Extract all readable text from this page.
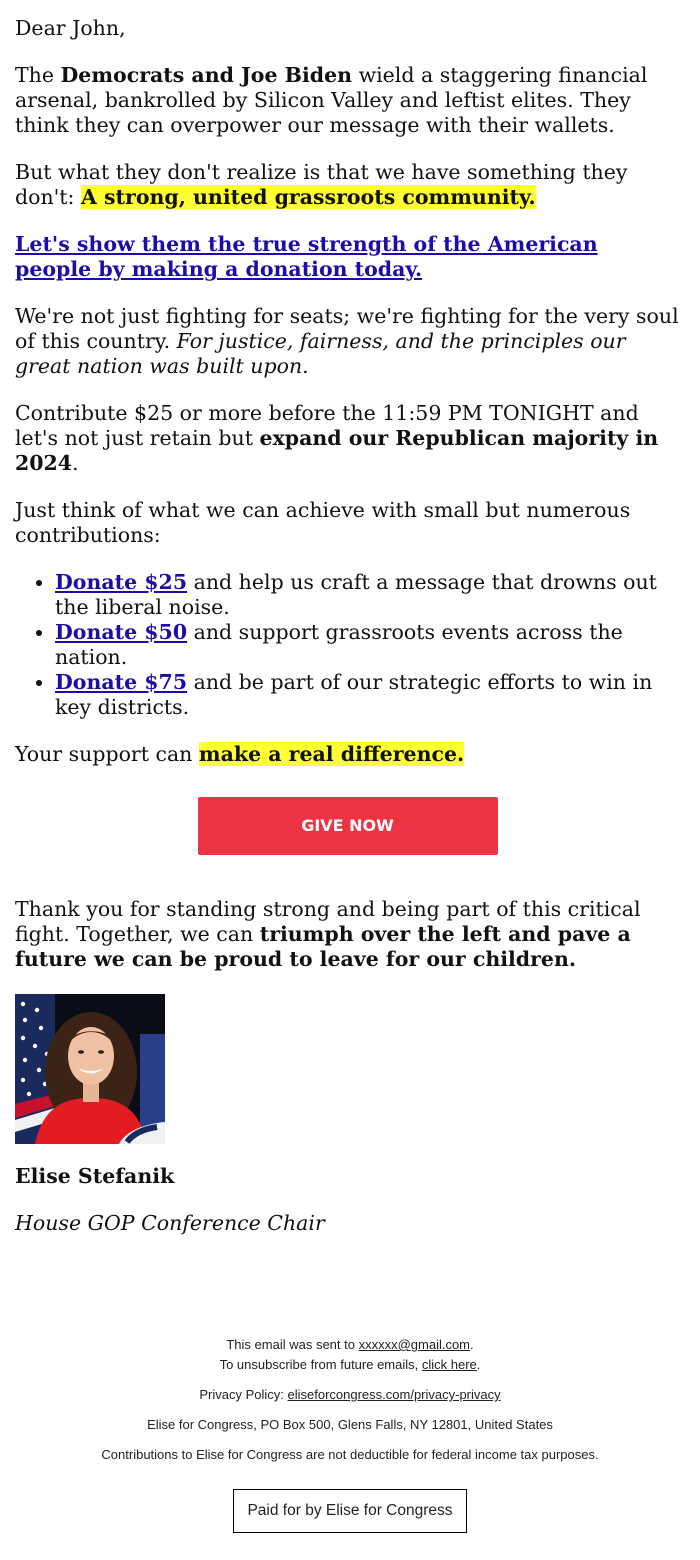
Dear John,

The Democrats and Joe Biden wield a staggering financial arsenal, bankrolled by Silicon Valley and leftist elites. They think they can overpower our message with their wallets.

But what they don't realize is that we have something they don't: A strong, united grassroots community.

Let's show them the true strength of the American people by making a donation today.

We're not just fighting for seats; we're fighting for the very soul of this country. For justice, fairness, and the principles our great nation was built upon.

Contribute $25 or more before the 11:59 PM TONIGHT and let's not just retain but expand our Republican majority in 2024.

Just think of what we can achieve with small but numerous contributions:

• Donate $25 and help us craft a message that drowns out the liberal noise.
• Donate $50 and support grassroots events across the nation.
• Donate $75 and be part of our strategic efforts to win in key districts.

Your support can make a real difference.

GIVE NOW

Thank you for standing strong and being part of this critical fight. Together, we can triumph over the left and pave a future we can be proud to leave for our children.

Elise Stefanik

House GOP Conference Chair

This email was sent to xxxxxx@gmail.com.
To unsubscribe from future emails, click here.

Privacy Policy: eliseforcongress.com/privacy-privacy

Elise for Congress, PO Box 500, Glens Falls, NY 12801, United States

Contributions to Elise for Congress are not deductible for federal income tax purposes.

Paid for by Elise for Congress
